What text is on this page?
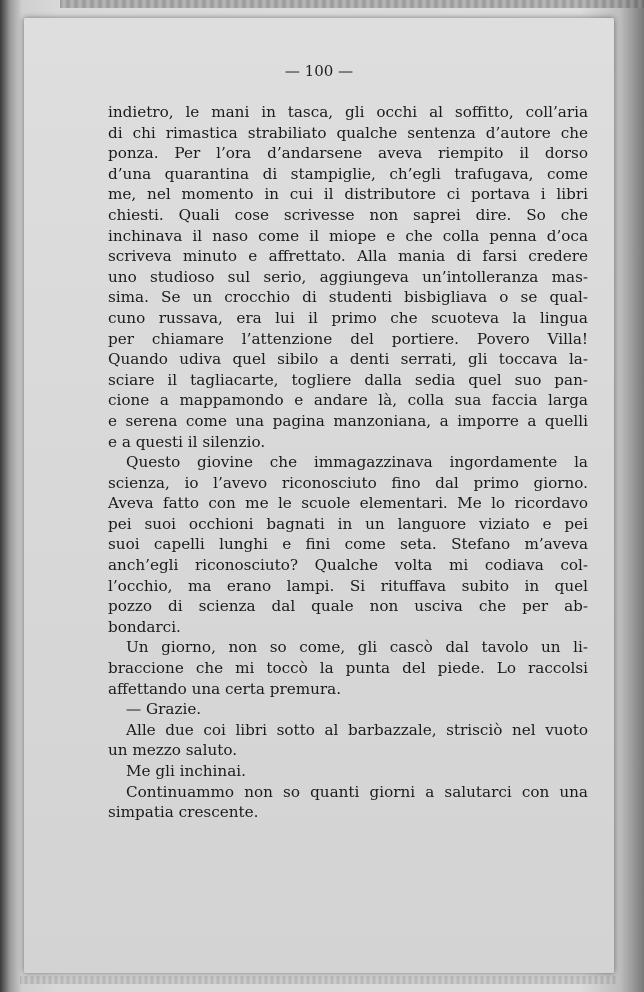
— 100 —
indietro, le mani in tasca, gli occhi al soffitto, coll’aria
di chi rimastica strabiliato qualche sentenza d’autore che
ponza. Per l’ora d’andarsene aveva riempito il dorso
d’una quarantina di stampiglie, ch’egli trafugava, come
me, nel momento in cui il distributore ci portava i libri
chiesti. Quali cose scrivesse non saprei dire. So che
inchinava il naso come il miope e che colla penna d’oca
scriveva minuto e affrettato. Alla mania di farsi credere
uno studioso sul serio, aggiungeva un’intolleranza mas-
sima. Se un crocchio di studenti bisbigliava o se qual-
cuno russava, era lui il primo che scuoteva la lingua
per chiamare l’attenzione del portiere. Povero Villa!
Quando udiva quel sibilo a denti serrati, gli toccava la-
sciare il tagliacarte, togliere dalla sedia quel suo pan-
cione a mappamondo e andare là, colla sua faccia larga
e serena come una pagina manzoniana, a imporre a quelli
e a questi il silenzio.
Questo giovine che immagazzinava ingordamente la
scienza, io l’avevo riconosciuto fino dal primo giorno.
Aveva fatto con me le scuole elementari. Me lo ricordavo
pei suoi occhioni bagnati in un languore viziato e pei
suoi capelli lunghi e fini come seta. Stefano m’aveva
anch’egli riconosciuto? Qualche volta mi codiava col-
l’occhio, ma erano lampi. Si rituffava subito in quel
pozzo di scienza dal quale non usciva che per ab-
bondarci.
Un giorno, non so come, gli cascò dal tavolo un li-
braccione che mi toccò la punta del piede. Lo raccolsi
affettando una certa premura.
— Grazie.
Alle due coi libri sotto al barbazzale, strisciò nel vuoto
un mezzo saluto.
Me gli inchinai.
Continuammo non so quanti giorni a salutarci con una
simpatia crescente.
